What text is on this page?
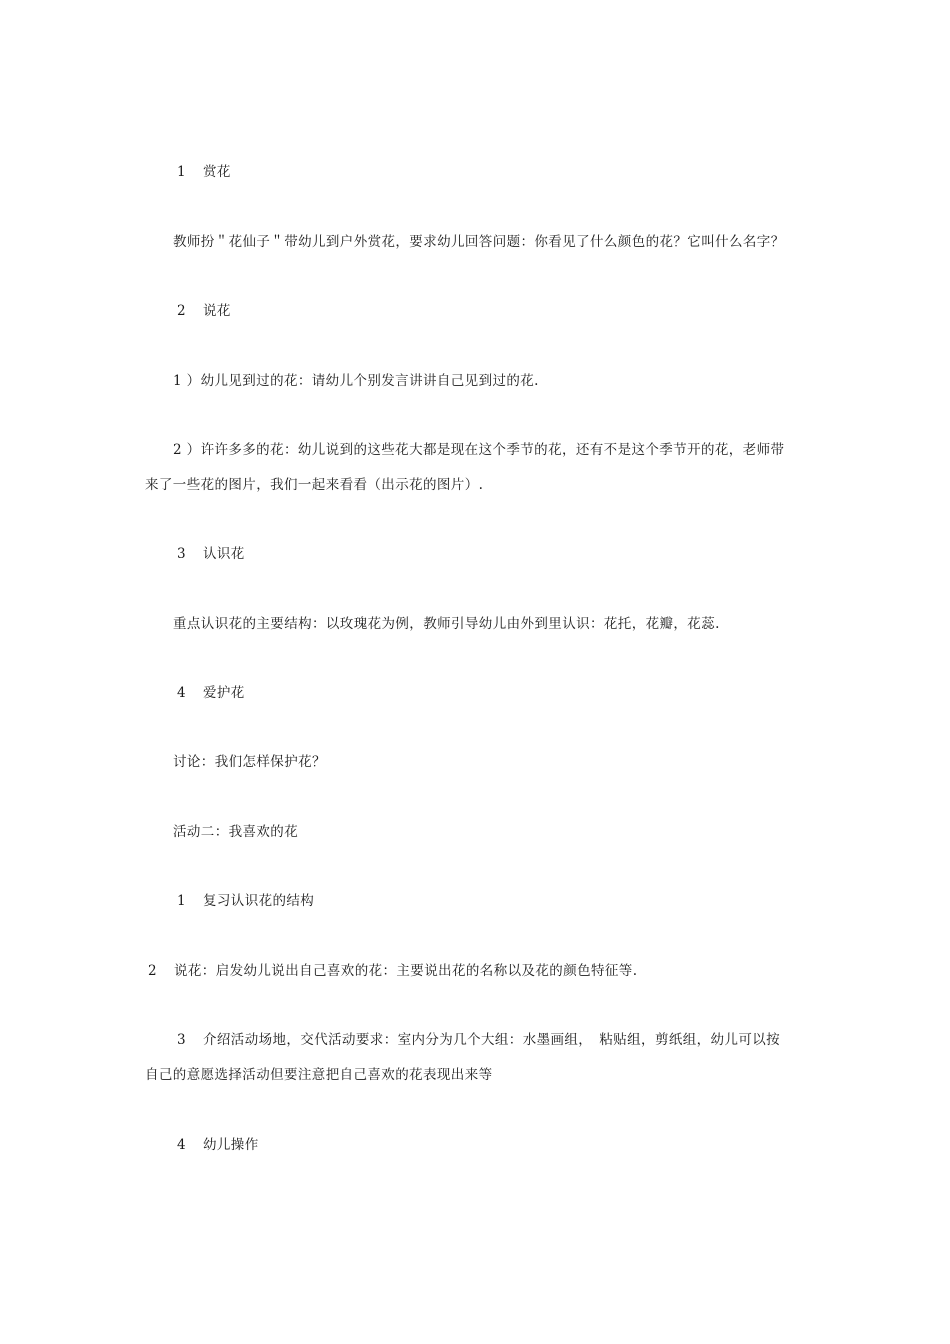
1 赏花
教师扮＂花仙子＂带幼儿到户外赏花，要求幼儿回答问题：你看见了什么颜色的花？它叫什么名字？
2 说花
1 ）幼儿见到过的花：请幼儿个别发言讲讲自己见到过的花.
2 ）许许多多的花：幼儿说到的这些花大都是现在这个季节的花，还有不是这个季节开的花，老师带
来了一些花的图片，我们一起来看看（出示花的图片）.
3 认识花
重点认识花的主要结构：以玫瑰花为例，教师引导幼儿由外到里认识：花托，花瓣，花蕊.
4 爱护花
讨论：我们怎样保护花？
活动二：我喜欢的花
1 复习认识花的结构
2 说花：启发幼儿说出自己喜欢的花：主要说出花的名称以及花的颜色特征等.
3 介绍活动场地，交代活动要求：室内分为几个大组：水墨画组，　粘贴组，剪纸组，幼儿可以按
自己的意愿选择活动但要注意把自己喜欢的花表现出来等
4 幼儿操作
